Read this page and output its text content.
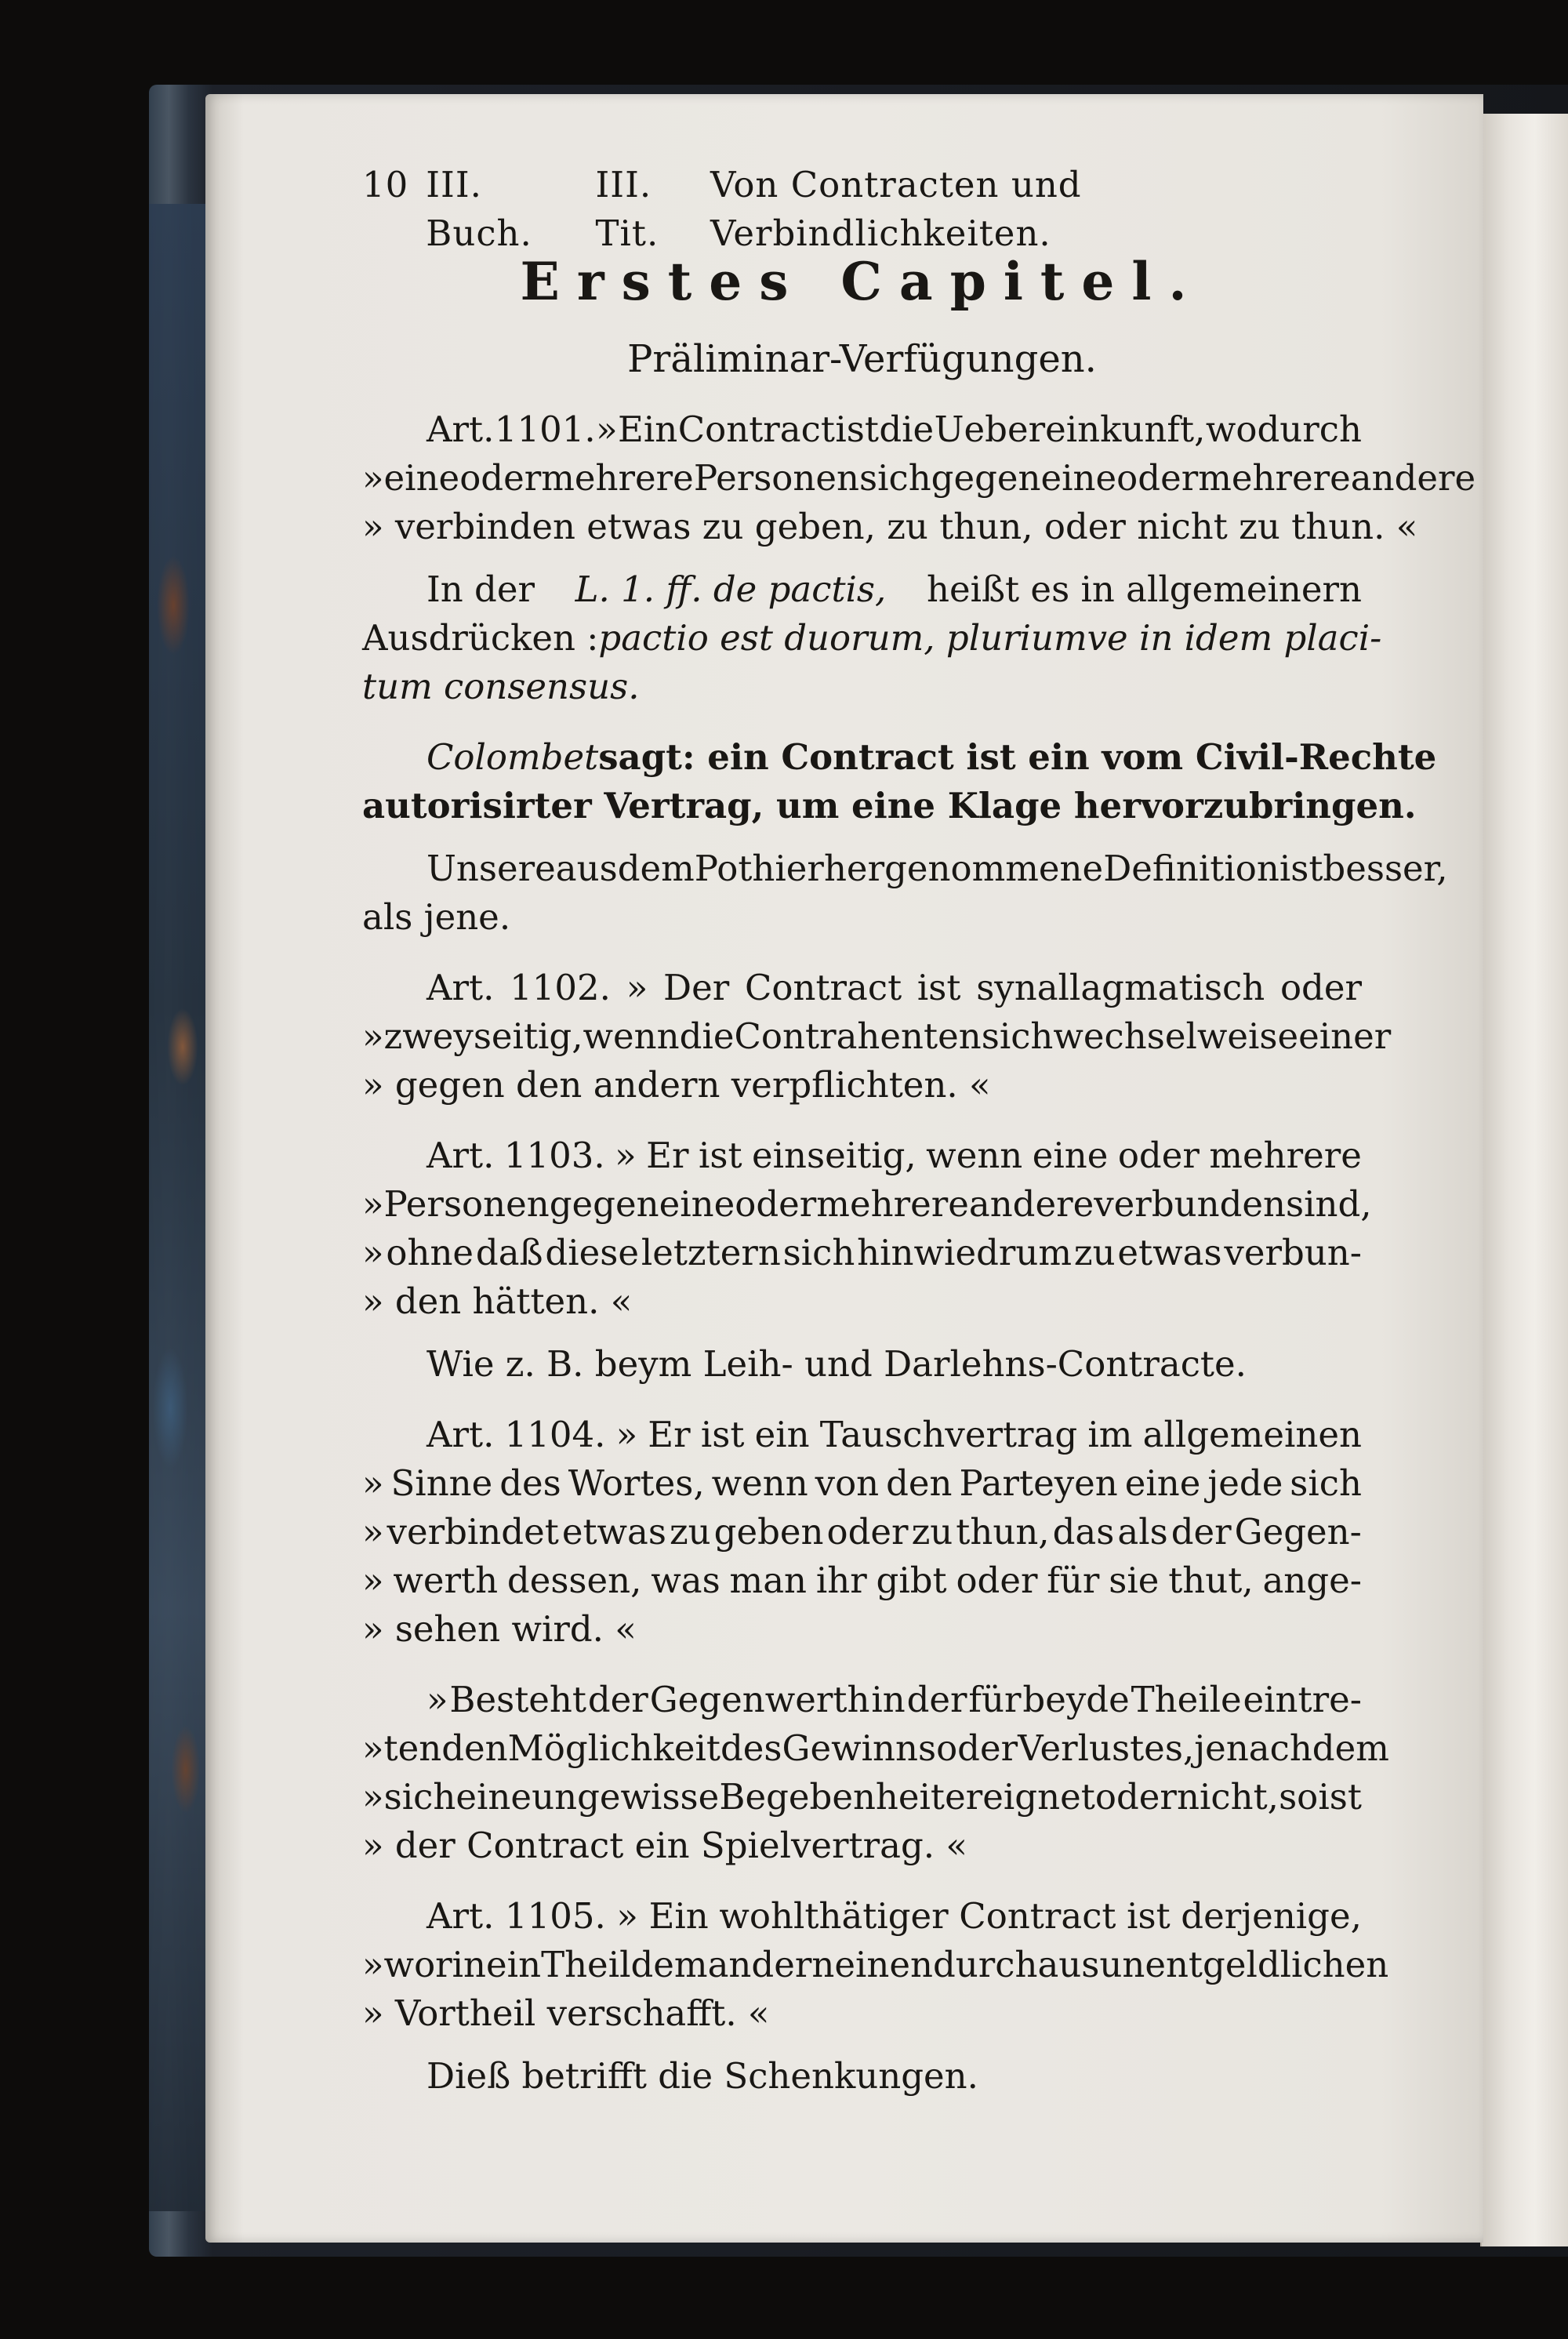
10 III. Buch.
III. Tit.
Von Contracten und Verbindlichkeiten.
Erstes Capitel.
Präliminar-Verfügungen.
Art. 1101. » Ein Contract ist die Uebereinkunft, wodurch
» eine oder mehrere Personen sich gegen eine oder mehrere andere
» verbinden etwas zu geben, zu thun, oder nicht zu thun. «
In der L. 1. ff. de pactis, heißt es in allgemeinern
Ausdrücken : pactio est duorum, pluriumve in idem placi-
tum consensus.
Colombet sagt: ein Contract ist ein vom Civil-Rechte
autorisirter Vertrag, um eine Klage hervorzubringen.
Unsere aus dem Pothier hergenommene Definition ist besser,
als jene.
Art. 1102. » Der Contract ist synallagmatisch oder
» zweyseitig, wenn die Contrahenten sich wechselweise einer
» gegen den andern verpflichten. «
Art. 1103. » Er ist einseitig, wenn eine oder mehrere
» Personen gegen eine oder mehrere andere verbunden sind,
» ohne daß diese letztern sich hinwiedrum zu etwas verbun-
» den hätten. «
Wie z. B. beym Leih- und Darlehns-Contracte.
Art. 1104. » Er ist ein Tauschvertrag im allgemeinen
» Sinne des Wortes, wenn von den Parteyen eine jede sich
» verbindet etwas zu geben oder zu thun, das als der Gegen-
» werth dessen, was man ihr gibt oder für sie thut, ange-
» sehen wird. «
» Besteht der Gegenwerth in der für beyde Theile eintre-
» tenden Möglichkeit des Gewinns oder Verlustes, je nachdem
» sich eine ungewisse Begebenheit ereignet oder nicht, so ist
» der Contract ein Spielvertrag. «
Art. 1105. » Ein wohlthätiger Contract ist derjenige,
» worin ein Theil dem andern einen durchaus unentgeldlichen
» Vortheil verschafft. «
Dieß betrifft die Schenkungen.
